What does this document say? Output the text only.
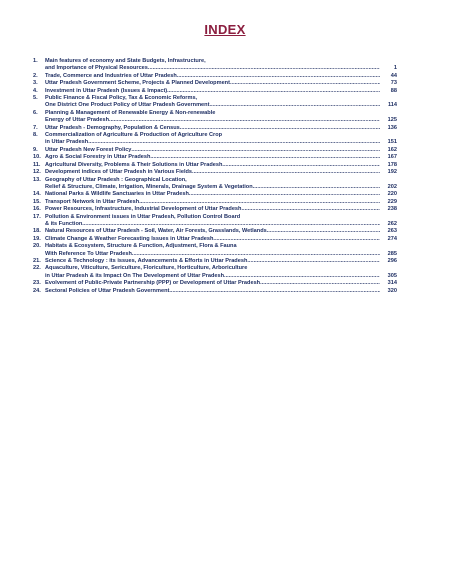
INDEX
1.	Main features of economy and State Budgets, Infrastructure,
and Importance of Physical Resources .....	1
2.	Trade, Commerce and Industries of Uttar Pradesh .....	44
3.	Uttar Pradesh Government Scheme, Projects & Planned Development .....	73
4.	Investment in Uttar Pradesh (Issues & Impact) .....	88
5.	Public Finance & Fiscal Policy, Tax & Economic Reforms,
One District One Product Policy of Uttar Pradesh Government .....	114
6.	Planning & Management of Renewable Energy & Non-renewable
Energy of Uttar Pradesh .....	125
7.	Uttar Pradesh - Demography, Population & Census .....	136
8.	Commercialization of Agriculture & Production of Agriculture Crop
in Uttar Pradesh .....	151
9.	Uttar Pradesh New Forest Policy .....	162
10. Agro & Social Forestry in Uttar Pradesh .....	167
11. Agricultural Diversity, Problems & Their Solutions in Uttar Pradesh .....	178
12. Development indices of Uttar Pradesh in Various Fields .....	192
13. Geography of Uttar Pradesh : Geographical Location,
Relief & Structure, Climate, Irrigation, Minerals, Drainage System & Vegetation .....	202
14. National Parks & Wildlife Sanctuaries in Uttar Pradesh .....	220
15. Transport Network in Uttar Pradesh .....	229
16. Power Resources, Infrastructure, Industrial Development of Uttar Pradesh .....	238
17. Pollution & Environment issues in Uttar Pradesh, Pollution Control Board
& its Function .....	262
18. Natural Resources of Uttar Pradesh - Soil, Water, Air Forests, Grasslands, Wetlands .....	263
19. Climate Change & Weather Forecasting Issues in Uttar Pradesh .....	274
20. Habitats & Ecosystem, Structure & Function, Adjustment, Flora & Fauna
With Reference To Uttar Pradesh .....	285
21. Science & Technology : its issues, Advancements & Efforts in Uttar Pradesh .....	296
22. Aquaculture, Viticulture, Sericulture, Floriculture, Horticulture, Arboriculture
in Uttar Pradesh & its Impact On The Development of Uttar Pradesh .....	305
23. Evolvement of Public-Private Partnership (PPP) or Development of Uttar Pradesh .....	314
24. Sectoral Policies of Uttar Pradesh Government .....	320
